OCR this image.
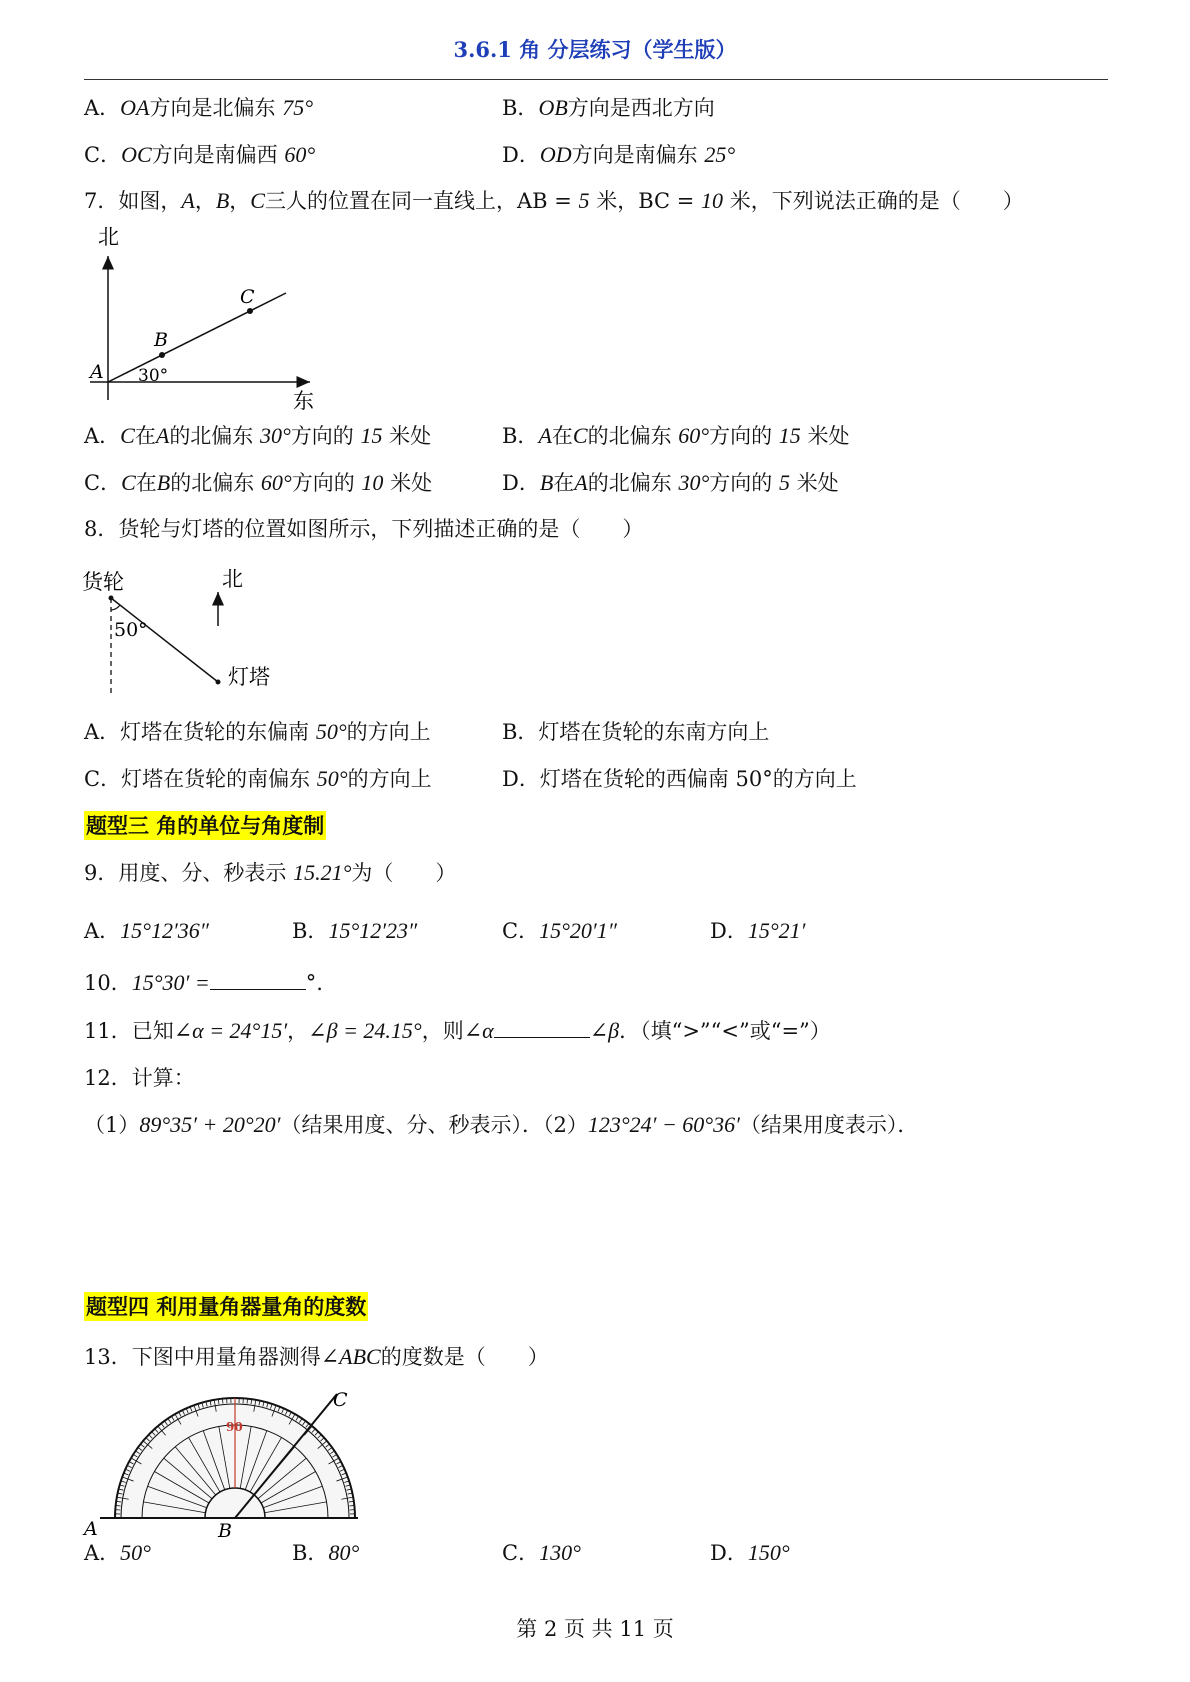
3.6.1 角 分层练习（学生版）
A．OA方向是北偏东 75°	B．OB方向是西北方向
C．OC方向是南偏西 60°	D．OD方向是南偏东 25°
7．如图，A，B，C三人的位置在同一直线上，AB = 5 米，BC = 10 米，下列说法正确的是（　　）
北
东
A
B
C
30°
A．C在A的北偏东 30°方向的 15 米处	B．A在C的北偏东 60°方向的 15 米处
C．C在B的北偏东 60°方向的 10 米处	D．B在A的北偏东 30°方向的 5 米处
8．货轮与灯塔的位置如图所示，下列描述正确的是（　　）
货轮
50°
北
灯塔
A．灯塔在货轮的东偏南 50°的方向上	B．灯塔在货轮的东南方向上
C．灯塔在货轮的南偏东 50°的方向上	D．灯塔在货轮的西偏南 50°的方向上
题型三 角的单位与角度制
9．用度、分、秒表示 15.21°为（　　）
A．15°12′36″	B．15°12′23″	C．15°20′1″	D．15°21′
10．15°30′ =	°.
11．已知∠α = 24°15′，∠β = 24.15°，则∠α	∠β．（填“>”“<”或“=”）
12．计算：
（1）89°35′ + 20°20′（结果用度、分、秒表示）．（2）123°24′ − 60°36′（结果用度表示）．
题型四 利用量角器量角的度数
13．下图中用量角器测得∠ABC的度数是（　　）
90
A	B
C
A．50°	B．80°	C．130°	D．150°
第 2 页 共 11 页
